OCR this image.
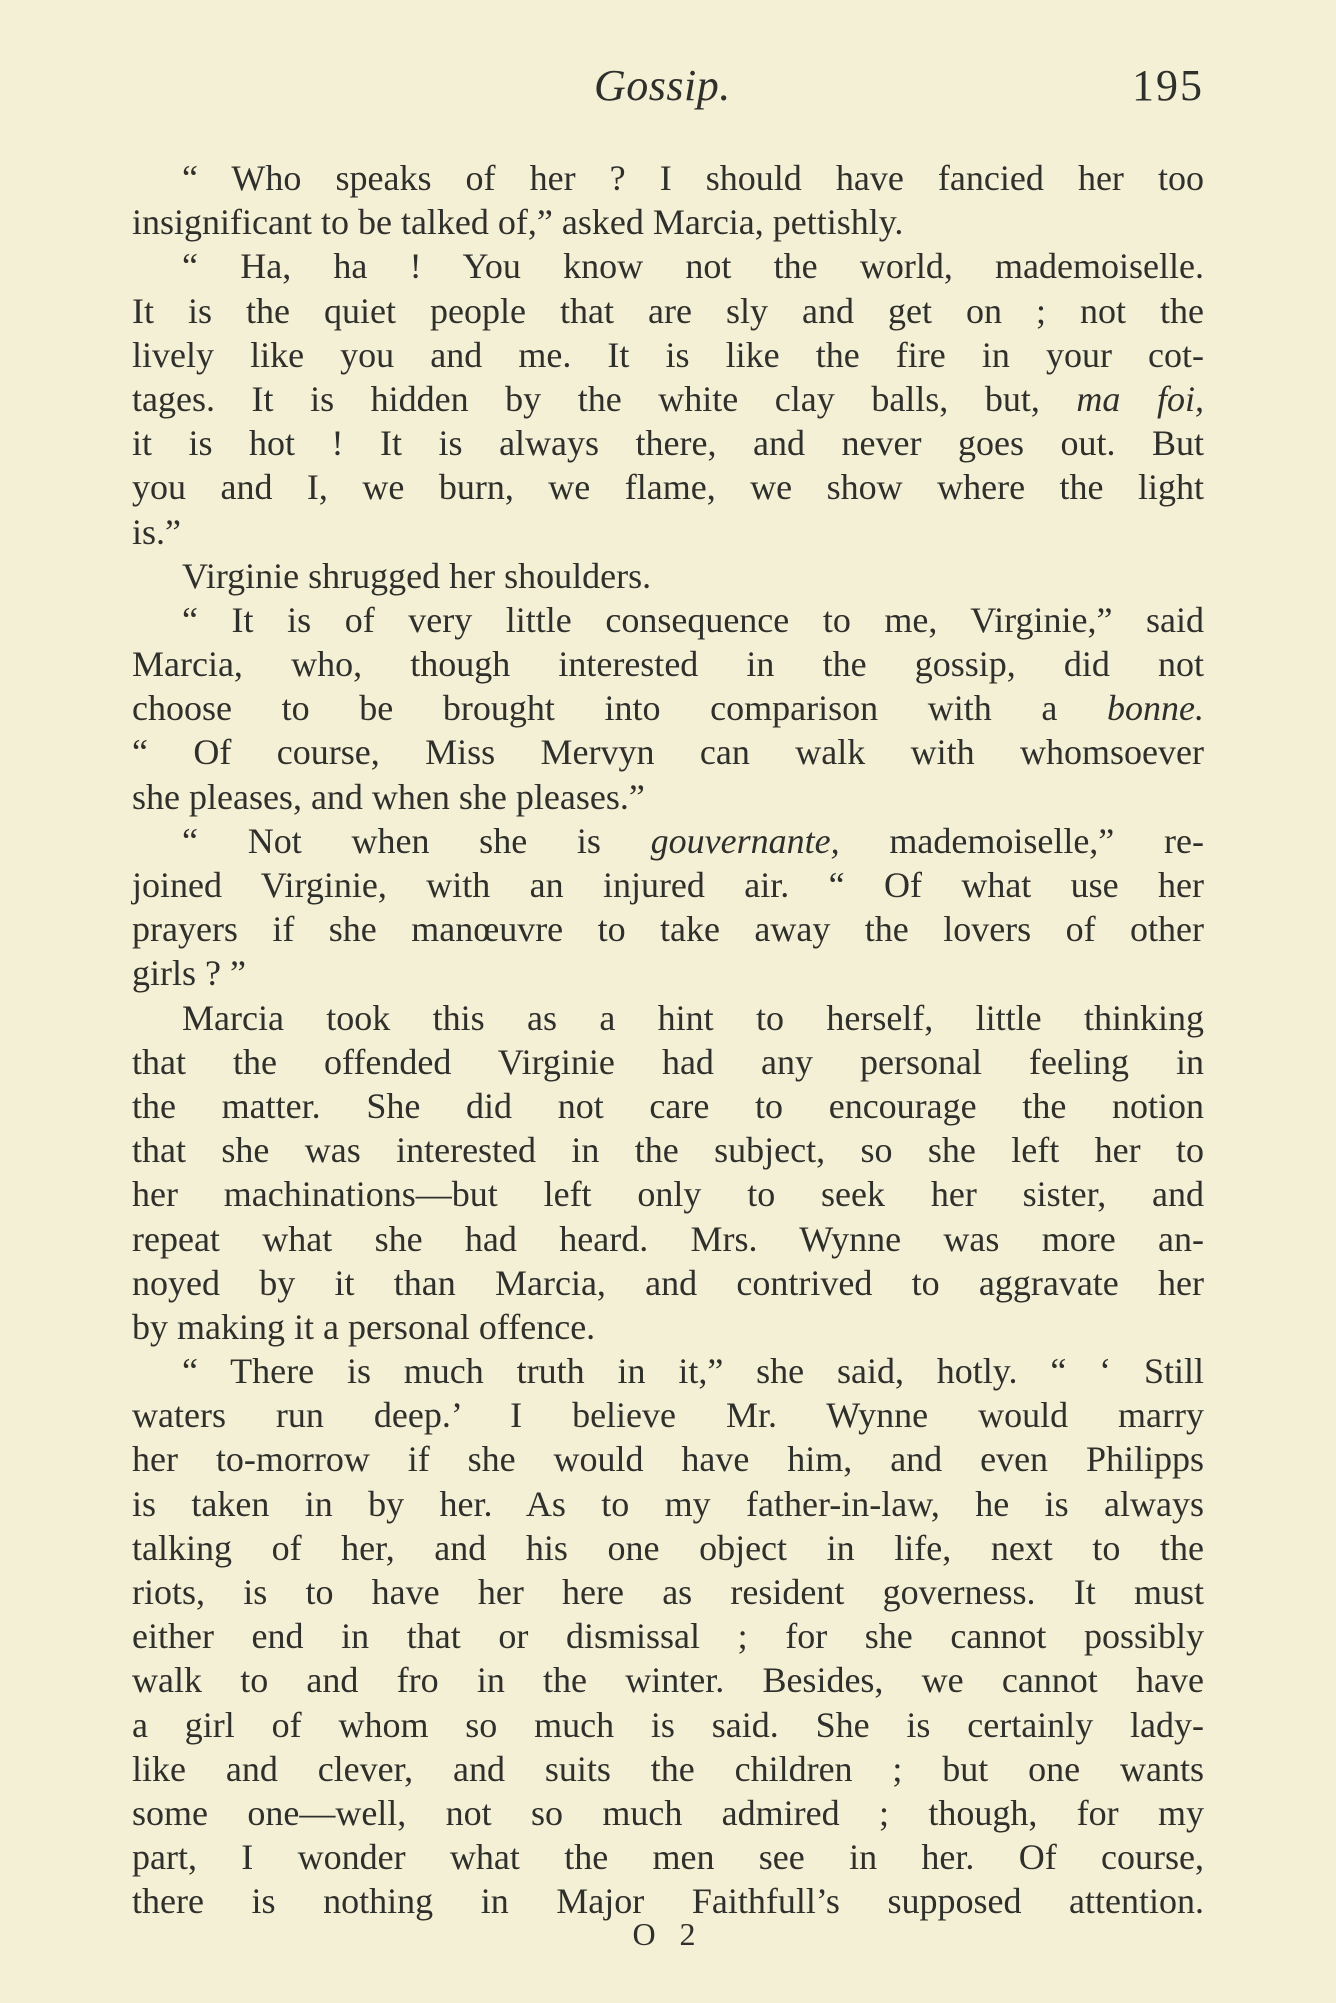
Gossip.	195
“ Who speaks of her ? I should have fancied her too
insignificant to be talked of,” asked Marcia, pettishly.
“ Ha, ha ! You know not the world, mademoiselle.
It is the quiet people that are sly and get on ; not the
lively like you and me. It is like the fire in your cot-
tages. It is hidden by the white clay balls, but, ma foi,
it is hot ! It is always there, and never goes out. But
you and I, we burn, we flame, we show where the light
is.”
Virginie shrugged her shoulders.
“ It is of very little consequence to me, Virginie,” said
Marcia, who, though interested in the gossip, did not
choose to be brought into comparison with a bonne.
“ Of course, Miss Mervyn can walk with whomsoever
she pleases, and when she pleases.”
“ Not when she is gouvernante, mademoiselle,” re-
joined Virginie, with an injured air. “ Of what use her
prayers if she manœuvre to take away the lovers of other
girls ? ”
Marcia took this as a hint to herself, little thinking
that the offended Virginie had any personal feeling in
the matter. She did not care to encourage the notion
that she was interested in the subject, so she left her to
her machinations—but left only to seek her sister, and
repeat what she had heard. Mrs. Wynne was more an-
noyed by it than Marcia, and contrived to aggravate her
by making it a personal offence.
“ There is much truth in it,” she said, hotly. “ ‘ Still
waters run deep.’ I believe Mr. Wynne would marry
her to-morrow if she would have him, and even Philipps
is taken in by her. As to my father-in-law, he is always
talking of her, and his one object in life, next to the
riots, is to have her here as resident governess. It must
either end in that or dismissal ; for she cannot possibly
walk to and fro in the winter. Besides, we cannot have
a girl of whom so much is said. She is certainly lady-
like and clever, and suits the children ; but one wants
some one—well, not so much admired ; though, for my
part, I wonder what the men see in her. Of course,
there is nothing in Major Faithfull’s supposed attention.
O 2
